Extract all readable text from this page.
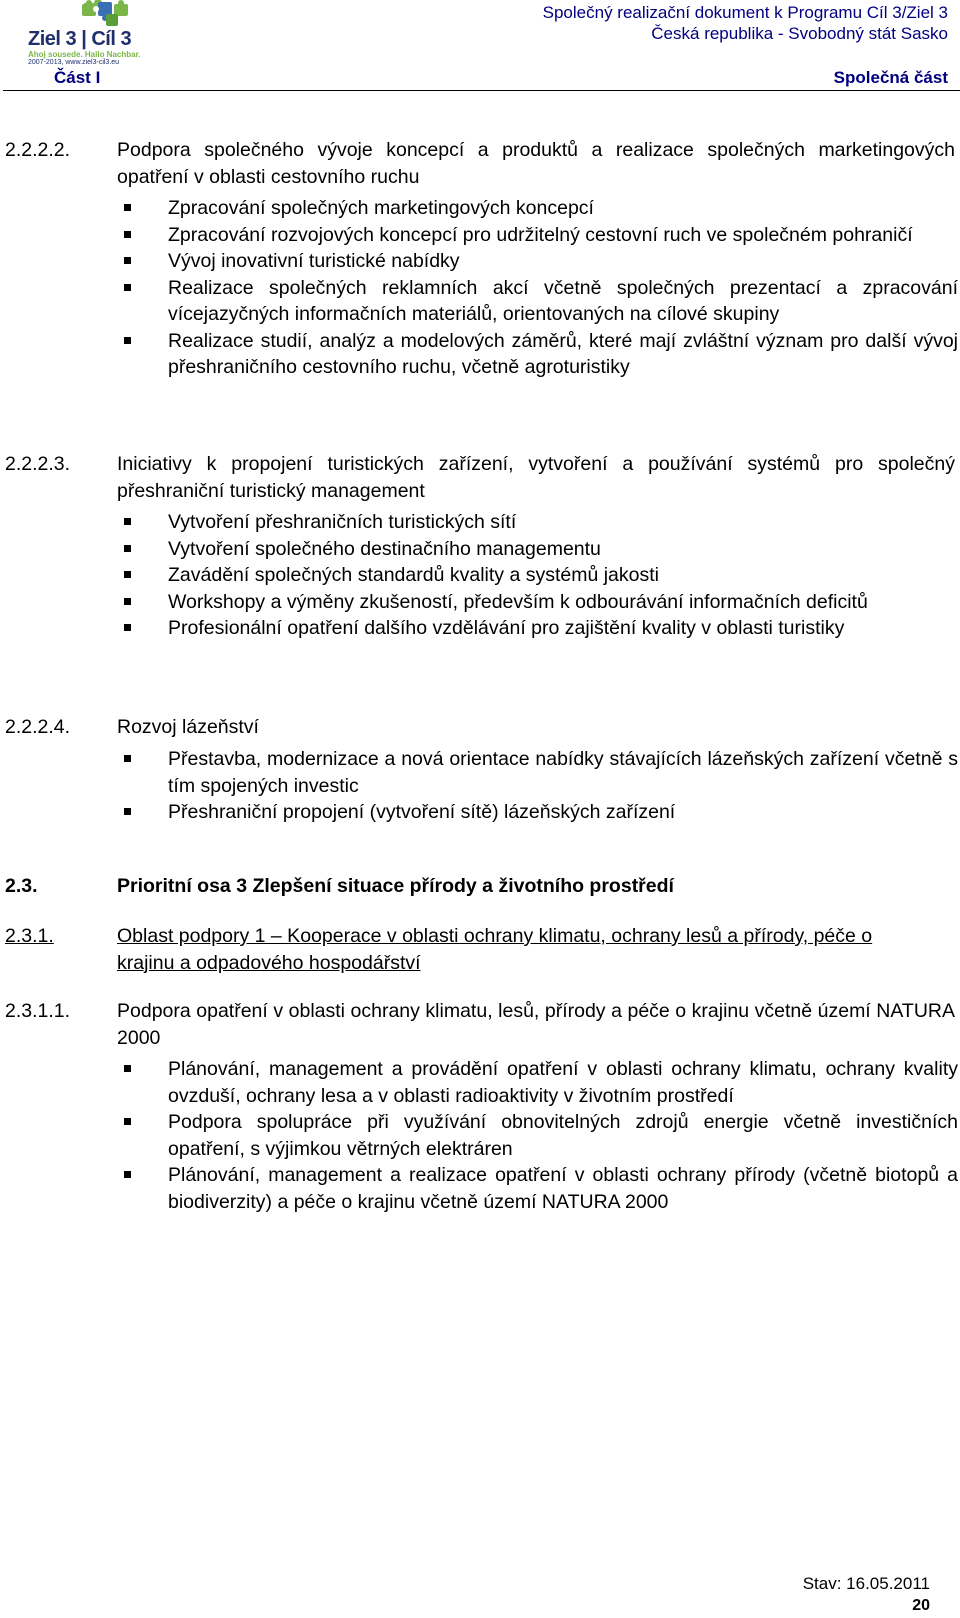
Ziel 3 | Cíl 3
Ahoj sousede. Hallo Nachbar.
2007-2013, www.ziel3-cil3.eu
Část I
Společný realizační dokument k Programu Cíl 3/Ziel 3
Česká republika - Svobodný stát Sasko
Společná část
2.2.2.2. Podpora společného vývoje koncepcí a produktů a realizace společných marketingových opatření v oblasti cestovního ruchu
Zpracování společných marketingových koncepcí
Zpracování rozvojových koncepcí pro udržitelný cestovní ruch ve společném pohraničí
Vývoj inovativní turistické nabídky
Realizace společných reklamních akcí včetně společných prezentací a zpracování vícejazyčných informačních materiálů, orientovaných na cílové skupiny
Realizace studií, analýz a modelových záměrů, které mají zvláštní význam pro další vývoj přeshraničního cestovního ruchu, včetně agroturistiky
2.2.2.3. Iniciativy k propojení turistických zařízení, vytvoření a používání systémů pro společný přeshraniční turistický management
Vytvoření přeshraničních turistických sítí
Vytvoření společného destinačního managementu
Zavádění společných standardů kvality a systémů jakosti
Workshopy a výměny zkušeností, především k odbourávání informačních deficitů
Profesionální opatření dalšího vzdělávání pro zajištění kvality v oblasti turistiky
2.2.2.4. Rozvoj lázeňství
Přestavba, modernizace a nová orientace nabídky stávajících lázeňských zařízení včetně s tím spojených investic
Přeshraniční propojení (vytvoření sítě) lázeňských zařízení
2.3.	Prioritní osa 3 Zlepšení situace přírody a životního prostředí
2.3.1.	Oblast podpory 1 – Kooperace v oblasti ochrany klimatu, ochrany lesů a přírody, péče o krajinu a odpadového hospodářství
2.3.1.1. Podpora opatření v oblasti ochrany klimatu, lesů, přírody a péče o krajinu včetně území NATURA 2000
Plánování, management a provádění opatření v oblasti ochrany klimatu, ochrany kvality ovzduší, ochrany lesa a v oblasti radioaktivity v životním prostředí
Podpora spolupráce při využívání obnovitelných zdrojů energie včetně investičních opatření, s výjimkou větrných elektráren
Plánování, management a realizace opatření v oblasti ochrany přírody (včetně biotopů a biodiverzity) a péče o krajinu včetně území NATURA 2000
Stav: 16.05.2011
20
